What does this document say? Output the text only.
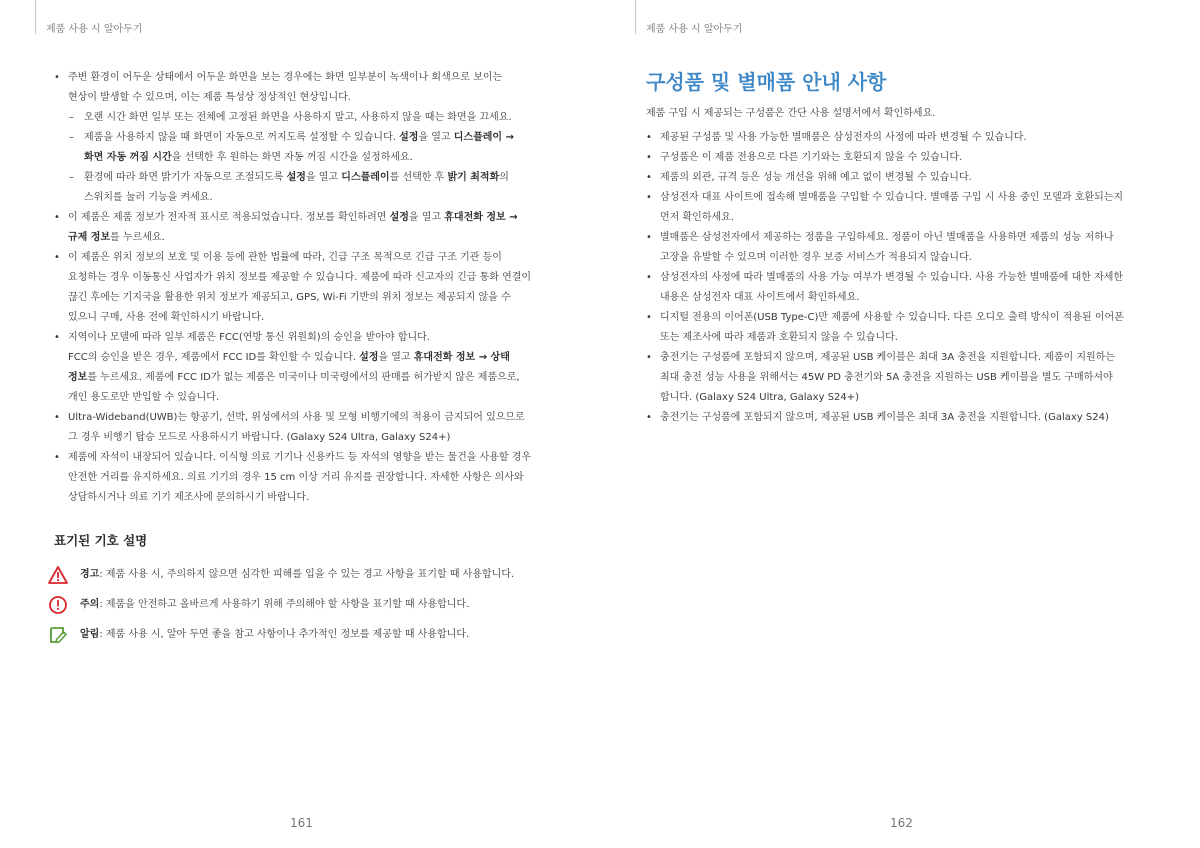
제품 사용 시 알아두기

• 주변 환경이 어두운 상태에서 어두운 화면을 보는 경우에는 화면 일부분이 녹색이나 회색으로 보이는

현상이 발생할 수 있으며, 이는 제품 특성상 정상적인 현상입니다.

– 오랜 시간 화면 일부 또는 전체에 고정된 화면을 사용하지 말고, 사용하지 않을 때는 화면을 끄세요.

– 제품을 사용하지 않을 때 화면이 자동으로 꺼지도록 설정할 수 있습니다. 설정을 열고 디스플레이 →

화면 자동 꺼짐 시간을 선택한 후 원하는 화면 자동 꺼짐 시간을 설정하세요.

– 환경에 따라 화면 밝기가 자동으로 조절되도록 설정을 열고 디스플레이를 선택한 후 밝기 최적화의

스위치를 눌러 기능을 켜세요.

• 이 제품은 제품 정보가 전자적 표시로 적용되었습니다. 정보를 확인하려면 설정을 열고 휴대전화 정보 →

규제 정보를 누르세요.

• 이 제품은 위치 정보의 보호 및 이용 등에 관한 법률에 따라, 긴급 구조 목적으로 긴급 구조 기관 등이

요청하는 경우 이동통신 사업자가 위치 정보를 제공할 수 있습니다. 제품에 따라 신고자의 긴급 통화 연결이

끊긴 후에는 기지국을 활용한 위치 정보가 제공되고, GPS, Wi-Fi 기반의 위치 정보는 제공되지 않을 수

있으니 구매, 사용 전에 확인하시기 바랍니다.

• 지역이나 모델에 따라 일부 제품은 FCC(연방 통신 위원회)의 승인을 받아야 합니다.

FCC의 승인을 받은 경우, 제품에서 FCC ID를 확인할 수 있습니다. 설정을 열고 휴대전화 정보 → 상태

정보를 누르세요. 제품에 FCC ID가 없는 제품은 미국이나 미국령에서의 판매를 허가받지 않은 제품으로,

개인 용도로만 반입할 수 있습니다.

• Ultra-Wideband(UWB)는 항공기, 선박, 위성에서의 사용 및 모형 비행기에의 적용이 금지되어 있으므로

그 경우 비행기 탑승 모드로 사용하시기 바랍니다. (Galaxy S24 Ultra, Galaxy S24+)

• 제품에 자석이 내장되어 있습니다. 이식형 의료 기기나 신용카드 등 자석의 영향을 받는 물건을 사용할 경우

안전한 거리를 유지하세요. 의료 기기의 경우 15 cm 이상 거리 유지를 권장합니다. 자세한 사항은 의사와

상담하시거나 의료 기기 제조사에 문의하시기 바랍니다.

표기된 기호 설명
경고: 제품 사용 시, 주의하지 않으면 심각한 피해를 입을 수 있는 경고 사항을 표기할 때 사용합니다.
주의: 제품을 안전하고 올바르게 사용하기 위해 주의해야 할 사항을 표기할 때 사용합니다.
알림: 제품 사용 시, 알아 두면 좋을 참고 사항이나 추가적인 정보를 제공할 때 사용합니다.
161
제품 사용 시 알아두기
구성품 및 별매품 안내 사항

제품 구입 시 제공되는 구성품은 간단 사용 설명서에서 확인하세요.

• 제공된 구성품 및 사용 가능한 별매품은 삼성전자의 사정에 따라 변경될 수 있습니다.

• 구성품은 이 제품 전용으로 다른 기기와는 호환되지 않을 수 있습니다.

• 제품의 외관, 규격 등은 성능 개선을 위해 예고 없이 변경될 수 있습니다.

• 삼성전자 대표 사이트에 접속해 별매품을 구입할 수 있습니다. 별매품 구입 시 사용 중인 모델과 호환되는지

먼저 확인하세요.

• 별매품은 삼성전자에서 제공하는 정품을 구입하세요. 정품이 아닌 별매품을 사용하면 제품의 성능 저하나

고장을 유발할 수 있으며 이러한 경우 보증 서비스가 적용되지 않습니다.

• 삼성전자의 사정에 따라 별매품의 사용 가능 여부가 변경될 수 있습니다. 사용 가능한 별매품에 대한 자세한

내용은 삼성전자 대표 사이트에서 확인하세요.

• 디지털 전용의 이어폰(USB Type-C)만 제품에 사용할 수 있습니다. 다른 오디오 출력 방식이 적용된 이어폰

또는 제조사에 따라 제품과 호환되지 않을 수 있습니다.

• 충전기는 구성품에 포함되지 않으며, 제공된 USB 케이블은 최대 3A 충전을 지원합니다. 제품이 지원하는

최대 충전 성능 사용을 위해서는 45W PD 충전기와 5A 충전을 지원하는 USB 케이블을 별도 구매하셔야

합니다. (Galaxy S24 Ultra, Galaxy S24+)

• 충전기는 구성품에 포함되지 않으며, 제공된 USB 케이블은 최대 3A 충전을 지원합니다. (Galaxy S24)

162
